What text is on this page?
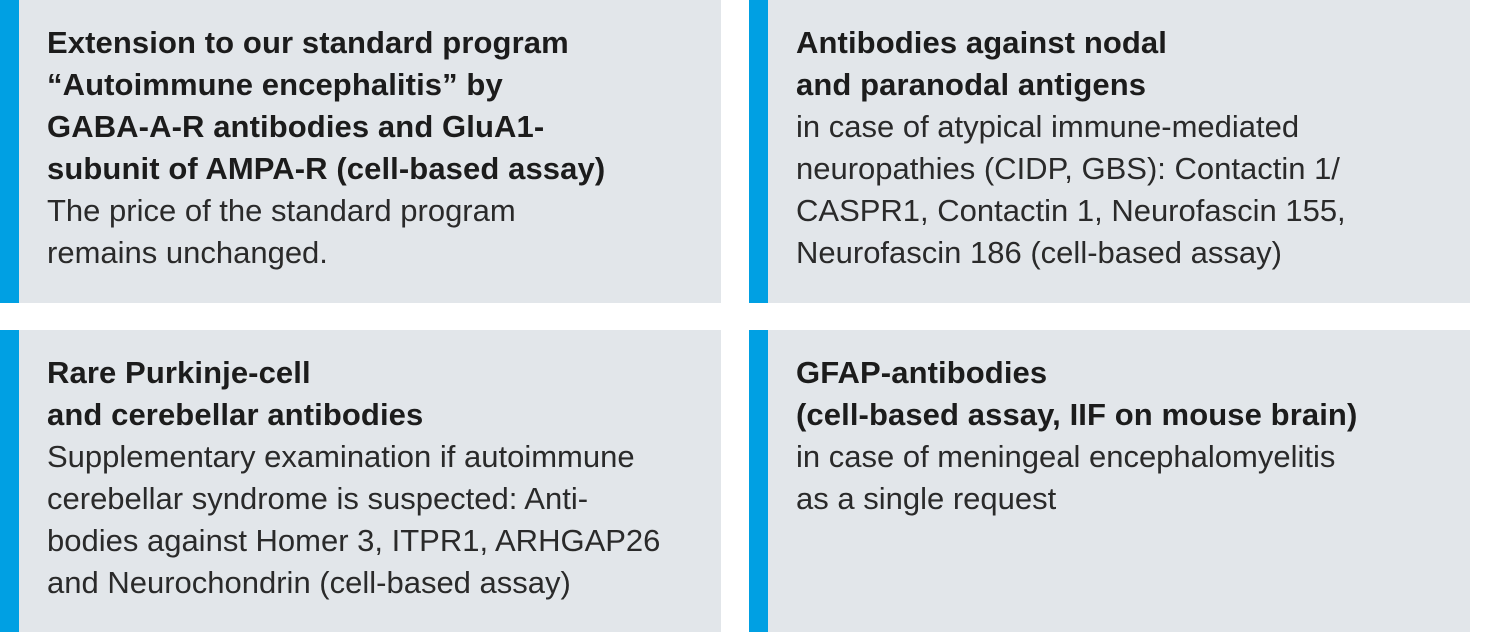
Extension to our standard program
“Autoimmune encephalitis” by
GABA-A-R antibodies and GluA1-
subunit of AMPA-R (cell-based assay)

The price of the standard program
remains unchanged.

Antibodies against nodal
and paranodal antigens

in case of atypical immune-mediated
neuropathies (CIDP, GBS): Contactin 1/
CASPR1, Contactin 1, Neurofascin 155,
Neurofascin 186 (cell-based assay)

Rare Purkinje-cell
and cerebellar antibodies

Supplementary examination if autoimmune
cerebellar syndrome is suspected: Anti-
bodies against Homer 3, ITPR1, ARHGAP26
and Neurochondrin (cell-based assay)

GFAP-antibodies
(cell-based assay, IIF on mouse brain)

in case of meningeal encephalomyelitis
as a single request
